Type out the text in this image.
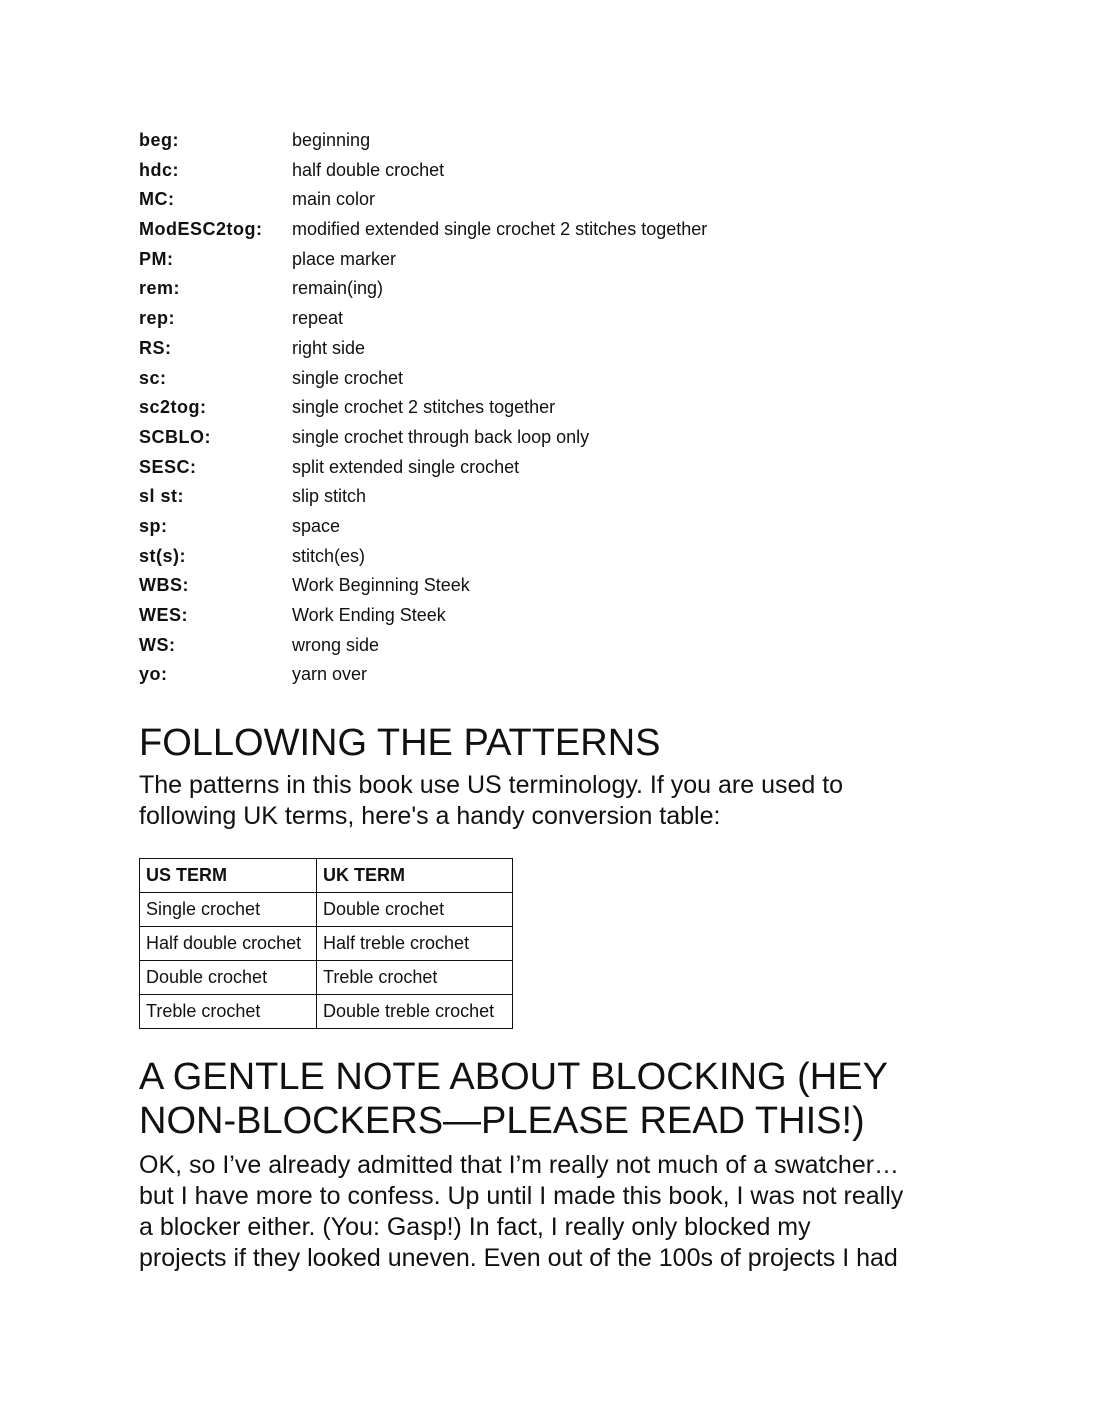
beg:	beginning
hdc:	half double crochet
MC:	main color
ModESC2tog: modified extended single crochet 2 stitches together
PM:	place marker
rem:	remain(ing)
rep:	repeat
RS:	right side
sc:	single crochet
sc2tog:	single crochet 2 stitches together
SCBLO:	single crochet through back loop only
SESC:	split extended single crochet
sl st:	slip stitch
sp:	space
st(s):	stitch(es)
WBS:	Work Beginning Steek
WES:	Work Ending Steek
WS:	wrong side
yo:	yarn over
FOLLOWING THE PATTERNS
The patterns in this book use US terminology. If you are used to
following UK terms, here's a handy conversion table:
US TERM	UK TERM
Single crochet	Double crochet
Half double crochet	Half treble crochet
Double crochet	Treble crochet
Treble crochet	Double treble crochet
A GENTLE NOTE ABOUT BLOCKING (HEY
NON-BLOCKERS—PLEASE READ THIS!)
OK, so I’ve already admitted that I’m really not much of a swatcher…
but I have more to confess. Up until I made this book, I was not really
a blocker either. (You: Gasp!) In fact, I really only blocked my
projects if they looked uneven. Even out of the 100s of projects I had
